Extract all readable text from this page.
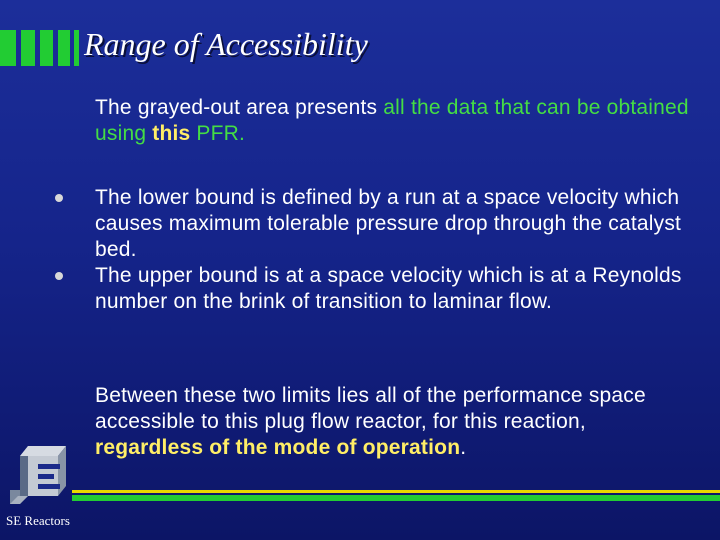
Range of Accessibility
The grayed-out area presents all the data that can be obtained using this PFR.
The lower bound is defined by a run at a space velocity which causes maximum tolerable pressure drop through the catalyst bed.
The upper bound is at a space velocity which is at a Reynolds number on the brink of transition to laminar flow.
Between these two limits lies all of the performance space accessible to this plug flow reactor, for this reaction, regardless of the mode of operation.
SE Reactors
